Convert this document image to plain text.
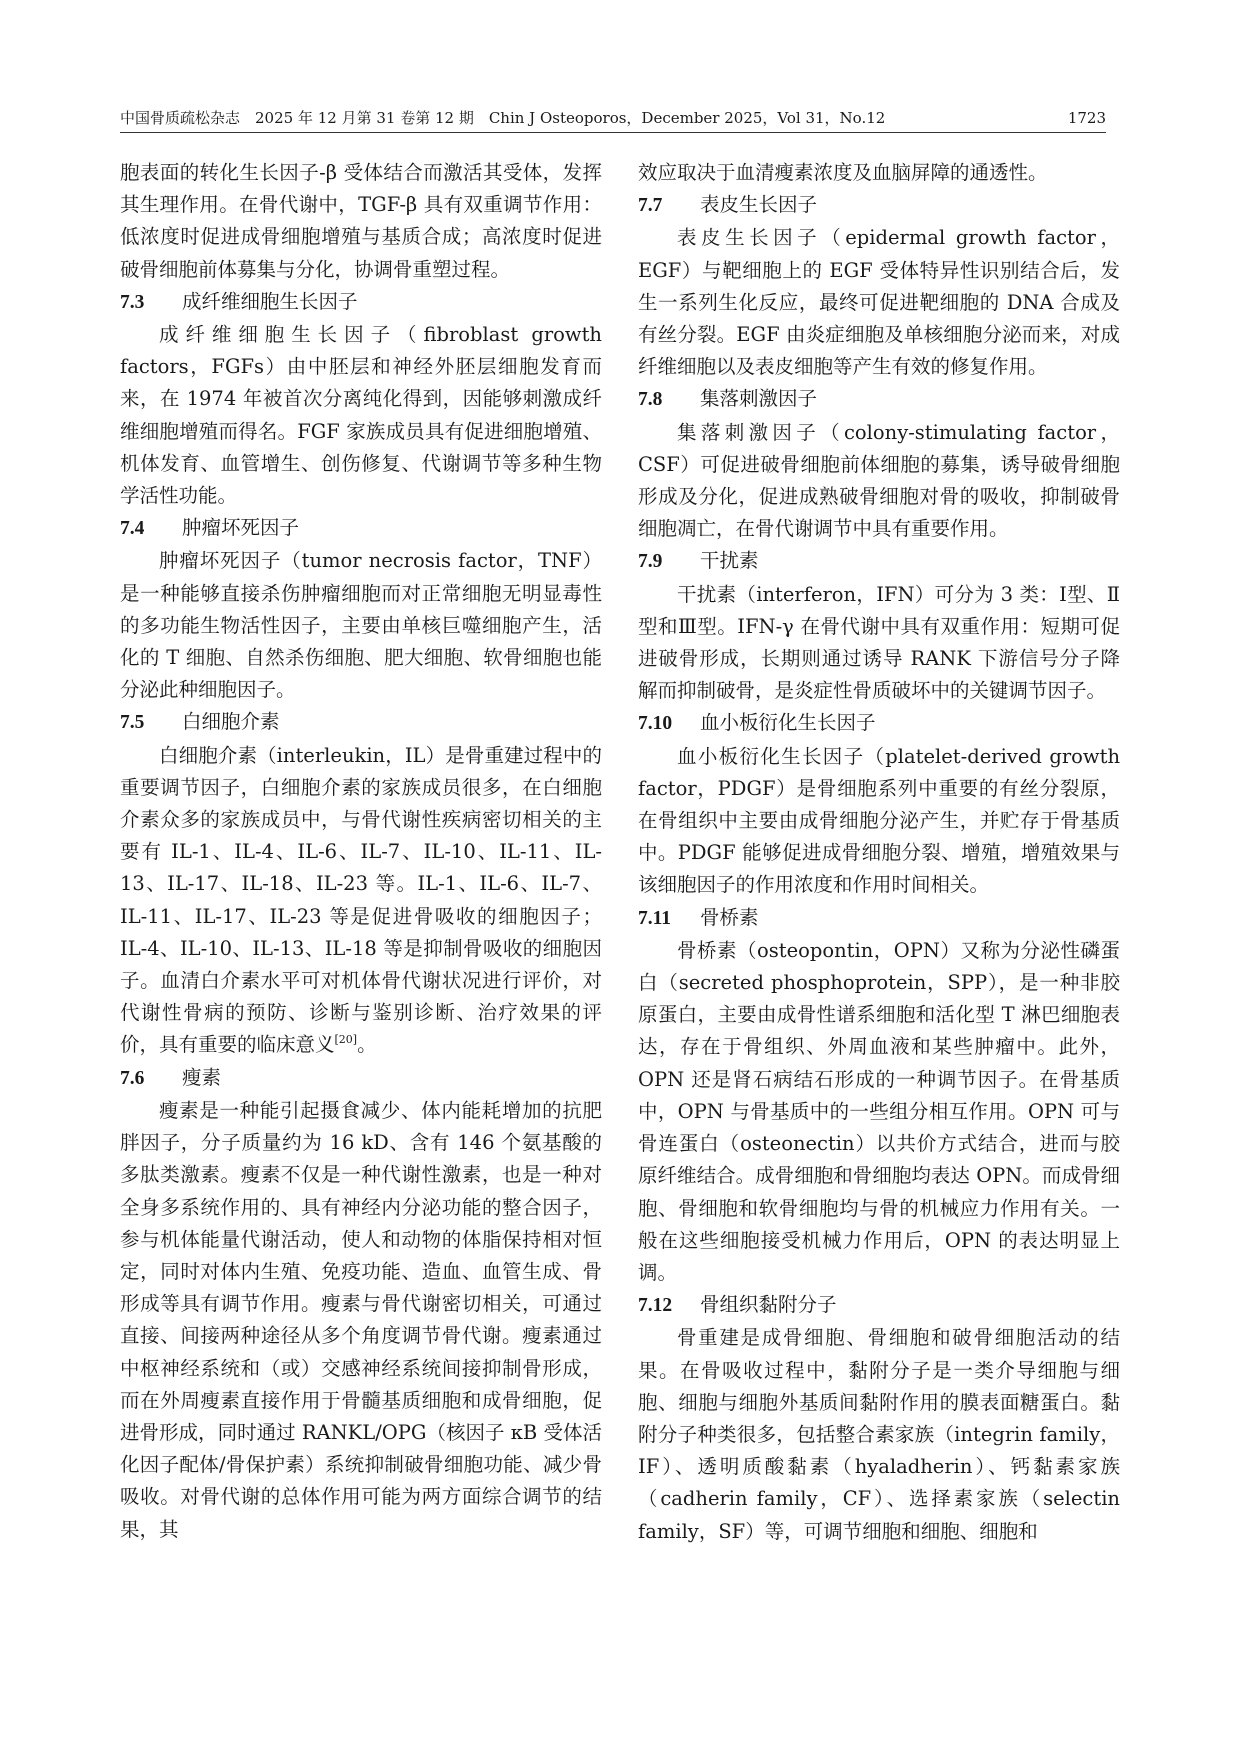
中国骨质疏松杂志　2025 年 12 月第 31 卷第 12 期　Chin J Osteoporos，December 2025，Vol 31，No.12	1723

胞表面的转化生长因子-β 受体结合而激活其受体，发挥其生理作用。在骨代谢中，TGF-β 具有双重调节作用：低浓度时促进成骨细胞增殖与基质合成；高浓度时促进破骨细胞前体募集与分化，协调骨重塑过程。

7.3 成纤维细胞生长因子

成纤维细胞生长因子（fibroblast growth factors，FGFs）由中胚层和神经外胚层细胞发育而来，在 1974 年被首次分离纯化得到，因能够刺激成纤维细胞增殖而得名。FGF 家族成员具有促进细胞增殖、机体发育、血管增生、创伤修复、代谢调节等多种生物学活性功能。

7.4 肿瘤坏死因子

肿瘤坏死因子（tumor necrosis factor，TNF）是一种能够直接杀伤肿瘤细胞而对正常细胞无明显毒性的多功能生物活性因子，主要由单核巨噬细胞产生，活化的 T 细胞、自然杀伤细胞、肥大细胞、软骨细胞也能分泌此种细胞因子。

7.5 白细胞介素

白细胞介素（interleukin，IL）是骨重建过程中的重要调节因子，白细胞介素的家族成员很多，在白细胞介素众多的家族成员中，与骨代谢性疾病密切相关的主要有 IL-1、IL-4、IL-6、IL-7、IL-10、IL-11、IL-13、IL-17、IL-18、IL-23 等。IL-1、IL-6、IL-7、IL-11、IL-17、IL-23 等是促进骨吸收的细胞因子；IL-4、IL-10、IL-13、IL-18 等是抑制骨吸收的细胞因子。血清白介素水平可对机体骨代谢状况进行评价，对代谢性骨病的预防、诊断与鉴别诊断、治疗效果的评价，具有重要的临床意义[20]。

7.6 瘦素

瘦素是一种能引起摄食减少、体内能耗增加的抗肥胖因子，分子质量约为 16 kD、含有 146 个氨基酸的多肽类激素。瘦素不仅是一种代谢性激素，也是一种对全身多系统作用的、具有神经内分泌功能的整合因子，参与机体能量代谢活动，使人和动物的体脂保持相对恒定，同时对体内生殖、免疫功能、造血、血管生成、骨形成等具有调节作用。瘦素与骨代谢密切相关，可通过直接、间接两种途径从多个角度调节骨代谢。瘦素通过中枢神经系统和（或）交感神经系统间接抑制骨形成，而在外周瘦素直接作用于骨髓基质细胞和成骨细胞，促进骨形成，同时通过 RANKL/OPG（核因子 κB 受体活化因子配体/骨保护素）系统抑制破骨细胞功能、减少骨吸收。对骨代谢的总体作用可能为两方面综合调节的结果，其

效应取决于血清瘦素浓度及血脑屏障的通透性。

7.7 表皮生长因子

表皮生长因子（epidermal growth factor，EGF）与靶细胞上的 EGF 受体特异性识别结合后，发生一系列生化反应，最终可促进靶细胞的 DNA 合成及有丝分裂。EGF 由炎症细胞及单核细胞分泌而来，对成纤维细胞以及表皮细胞等产生有效的修复作用。

7.8 集落刺激因子

集落刺激因子（colony-stimulating factor，CSF）可促进破骨细胞前体细胞的募集，诱导破骨细胞形成及分化，促进成熟破骨细胞对骨的吸收，抑制破骨细胞凋亡，在骨代谢调节中具有重要作用。

7.9 干扰素

干扰素（interferon，IFN）可分为 3 类：Ⅰ型、Ⅱ型和Ⅲ型。IFN-γ 在骨代谢中具有双重作用：短期可促进破骨形成，长期则通过诱导 RANK 下游信号分子降解而抑制破骨，是炎症性骨质破坏中的关键调节因子。

7.10 血小板衍化生长因子

血小板衍化生长因子（platelet-derived growth factor，PDGF）是骨细胞系列中重要的有丝分裂原，在骨组织中主要由成骨细胞分泌产生，并贮存于骨基质中。PDGF 能够促进成骨细胞分裂、增殖，增殖效果与该细胞因子的作用浓度和作用时间相关。

7.11 骨桥素

骨桥素（osteopontin，OPN）又称为分泌性磷蛋白（secreted phosphoprotein，SPP），是一种非胶原蛋白，主要由成骨性谱系细胞和活化型 T 淋巴细胞表达，存在于骨组织、外周血液和某些肿瘤中。此外，OPN 还是肾石病结石形成的一种调节因子。在骨基质中，OPN 与骨基质中的一些组分相互作用。OPN 可与骨连蛋白（osteonectin）以共价方式结合，进而与胶原纤维结合。成骨细胞和骨细胞均表达 OPN。而成骨细胞、骨细胞和软骨细胞均与骨的机械应力作用有关。一般在这些细胞接受机械力作用后，OPN 的表达明显上调。

7.12 骨组织黏附分子

骨重建是成骨细胞、骨细胞和破骨细胞活动的结果。在骨吸收过程中，黏附分子是一类介导细胞与细胞、细胞与细胞外基质间黏附作用的膜表面糖蛋白。黏附分子种类很多，包括整合素家族（integrin family，IF）、透明质酸黏素（hyaladherin）、钙黏素家族（cadherin family，CF）、选择素家族（selectin family，SF）等，可调节细胞和细胞、细胞和
